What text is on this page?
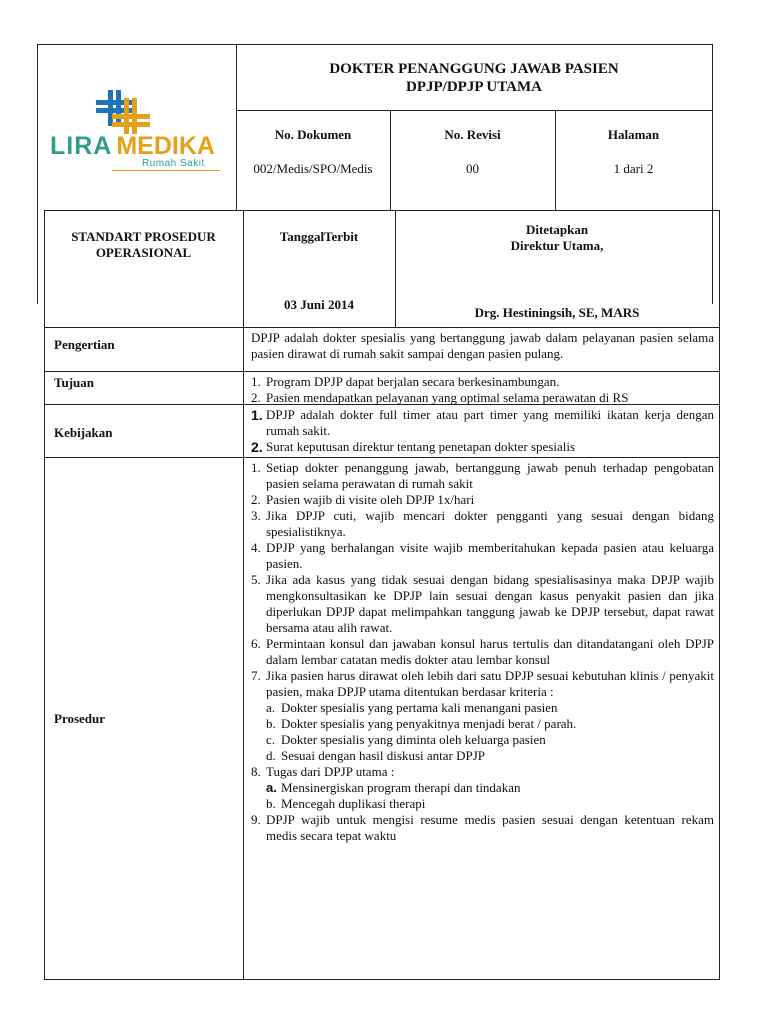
LIRA MEDIKA
Rumah Sakit
DOKTER PENANGGUNG JAWAB PASIEN
DPJP/DPJP UTAMA
No. Dokumen
002/Medis/SPO/Medis
No. Revisi
00
Halaman
1 dari 2
STANDART PROSEDUR
OPERASIONAL
TanggalTerbit
03 Juni 2014
Ditetapkan
Direktur Utama,
Drg. Hestiningsih, SE, MARS
Pengertian	DPJP adalah dokter spesialis yang bertanggung jawab dalam pelayanan pasien selama pasien dirawat di rumah sakit sampai dengan pasien pulang.
Tujuan	1. Program DPJP dapat berjalan secara berkesinambungan.
2. Pasien mendapatkan pelayanan yang optimal selama perawatan di RS
Kebijakan
1. DPJP adalah dokter full timer atau part timer yang memiliki ikatan kerja dengan rumah sakit.
2. Surat keputusan direktur tentang penetapan dokter spesialis
Prosedur
1. Setiap dokter penanggung jawab, bertanggung jawab penuh terhadap pengobatan pasien selama perawatan di rumah sakit
2. Pasien wajib di visite oleh DPJP 1x/hari
3. Jika DPJP cuti, wajib mencari dokter pengganti yang sesuai dengan bidang spesialistiknya.
4. DPJP yang berhalangan visite wajib memberitahukan kepada pasien atau keluarga pasien.
5. Jika ada kasus yang tidak sesuai dengan bidang spesialisasinya maka DPJP wajib mengkonsultasikan ke DPJP lain sesuai dengan kasus penyakit pasien dan jika diperlukan DPJP dapat melimpahkan tanggung jawab ke DPJP tersebut, dapat rawat bersama atau alih rawat.
6. Permintaan konsul dan jawaban konsul harus tertulis dan ditandatangani oleh DPJP dalam lembar catatan medis dokter atau lembar konsul
7. Jika pasien harus dirawat oleh lebih dari satu DPJP sesuai kebutuhan klinis / penyakit pasien, maka DPJP utama ditentukan berdasar kriteria :
a. Dokter spesialis yang pertama kali menangani pasien
b. Dokter spesialis yang penyakitnya menjadi berat / parah.
c. Dokter spesialis yang diminta oleh keluarga pasien
d. Sesuai dengan hasil diskusi antar DPJP
8. Tugas dari DPJP utama :
a. Mensinergiskan program therapi dan tindakan
b. Mencegah duplikasi therapi
9. DPJP wajib untuk mengisi resume medis pasien sesuai dengan ketentuan rekam medis secara tepat waktu
